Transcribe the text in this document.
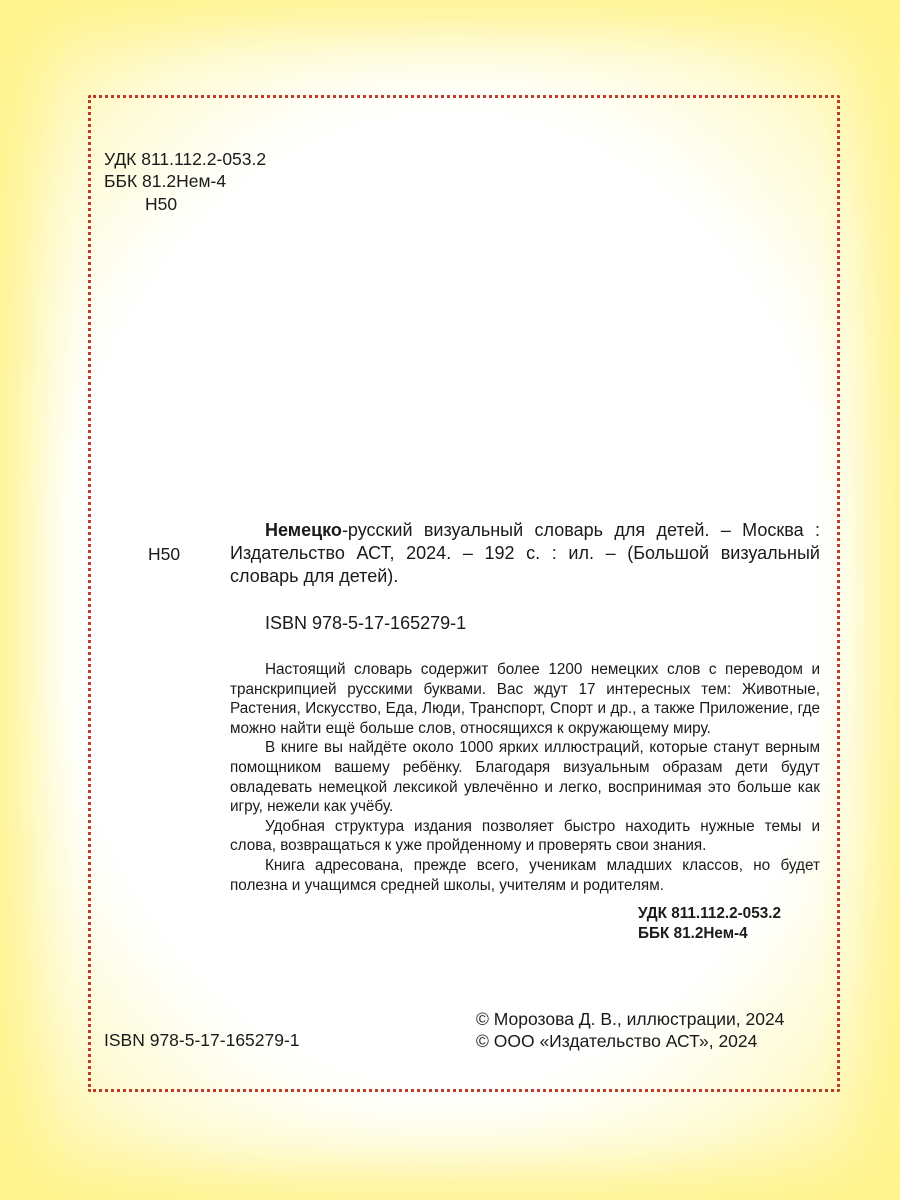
УДК 811.112.2-053.2
ББК 81.2Нем-4
Н50
Н50
Немецко-русский визуальный словарь для детей. – Москва : Издательство АСТ, 2024. – 192 с. : ил. – (Большой визуальный словарь для детей).
ISBN 978-5-17-165279-1

Настоящий словарь содержит более 1200 немецких слов с переводом и транскрипцией русскими буквами. Вас ждут 17 интересных тем: Животные, Растения, Искусство, Еда, Люди, Транспорт, Спорт и др., а также Приложение, где можно найти ещё больше слов, относящихся к окружающему миру.

В книге вы найдёте около 1000 ярких иллюстраций, которые станут верным помощником вашему ребёнку. Благодаря визуальным образам дети будут овладевать немецкой лексикой увлечённо и легко, воспринимая это больше как игру, нежели как учёбу.

Удобная структура издания позволяет быстро находить нужные темы и слова, возвращаться к уже пройденному и проверять свои знания.

Книга адресована, прежде всего, ученикам младших классов, но будет полезна и учащимся средней школы, учителям и родителям.

УДК 811.112.2-053.2
ББК 81.2Нем-4
© Морозова Д. В., иллюстрации, 2024
© ООО «Издательство АСТ», 2024
ISBN 978-5-17-165279-1
